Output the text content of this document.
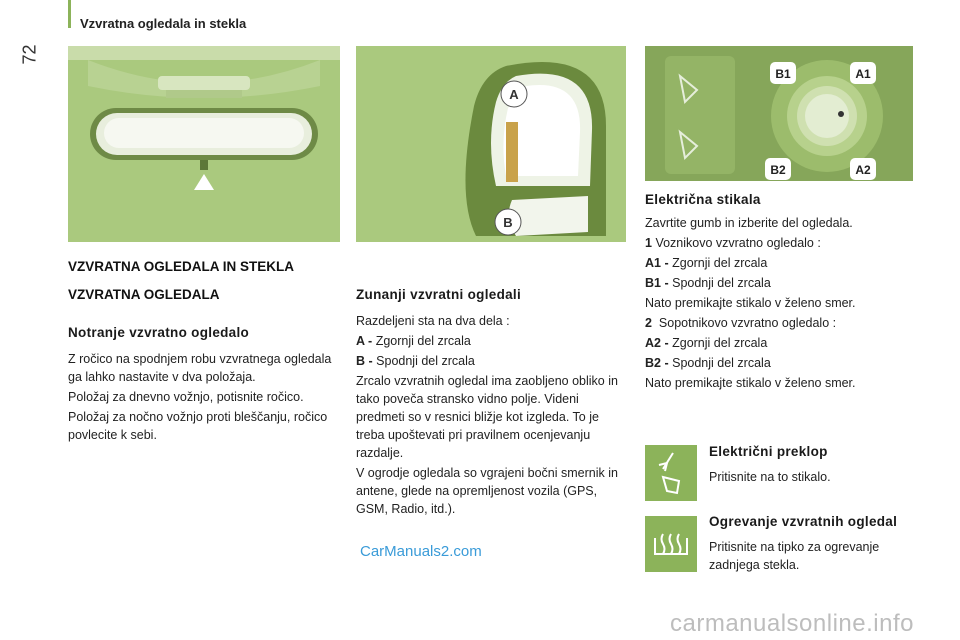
Vzvratna ogledala in stekla
72
A
B
B1	A1
B2	A2
VZVRATNA OGLEDALA IN STEKLA
VZVRATNA OGLEDALA
Notranje vzvratno ogledalo

Z ročico na spodnjem robu vzvratnega ogledala ga lahko nastavite v dva položaja.

Položaj za dnevno vožnjo, potisnite ročico.

Položaj za nočno vožnjo proti bleščanju, ročico povlecite k sebi.

Zunanji vzvratni ogledali

Razdeljeni sta na dva dela :

A - Zgornji del zrcala

B - Spodnji del zrcala

Zrcalo vzvratnih ogledal ima zaobljeno obliko in tako poveča stransko vidno polje. Videni predmeti so v resnici bližje kot izgleda. To je treba upoštevati pri pravilnem ocenjevanju razdalje.

V ogrodje ogledala so vgrajeni bočni smernik in antene, glede na opremljenost vozila (GPS, GSM, Radio, itd.).

Električna stikala

Zavrtite gumb in izberite del ogledala.

1 Voznikovo vzvratno ogledalo :

A1 - Zgornji del zrcala

B1 - Spodnji del zrcala

Nato premikajte stikalo v želeno smer.

2 Sopotnikovo vzvratno ogledalo :

A2 - Zgornji del zrcala

B2 - Spodnji del zrcala

Nato premikajte stikalo v želeno smer.

Električni preklop
Pritisnite na to stikalo.
Ogrevanje vzvratnih ogledal
Pritisnite na tipko za ogrevanje zadnjega stekla.
CarManuals2.com
carmanualsonline.info
